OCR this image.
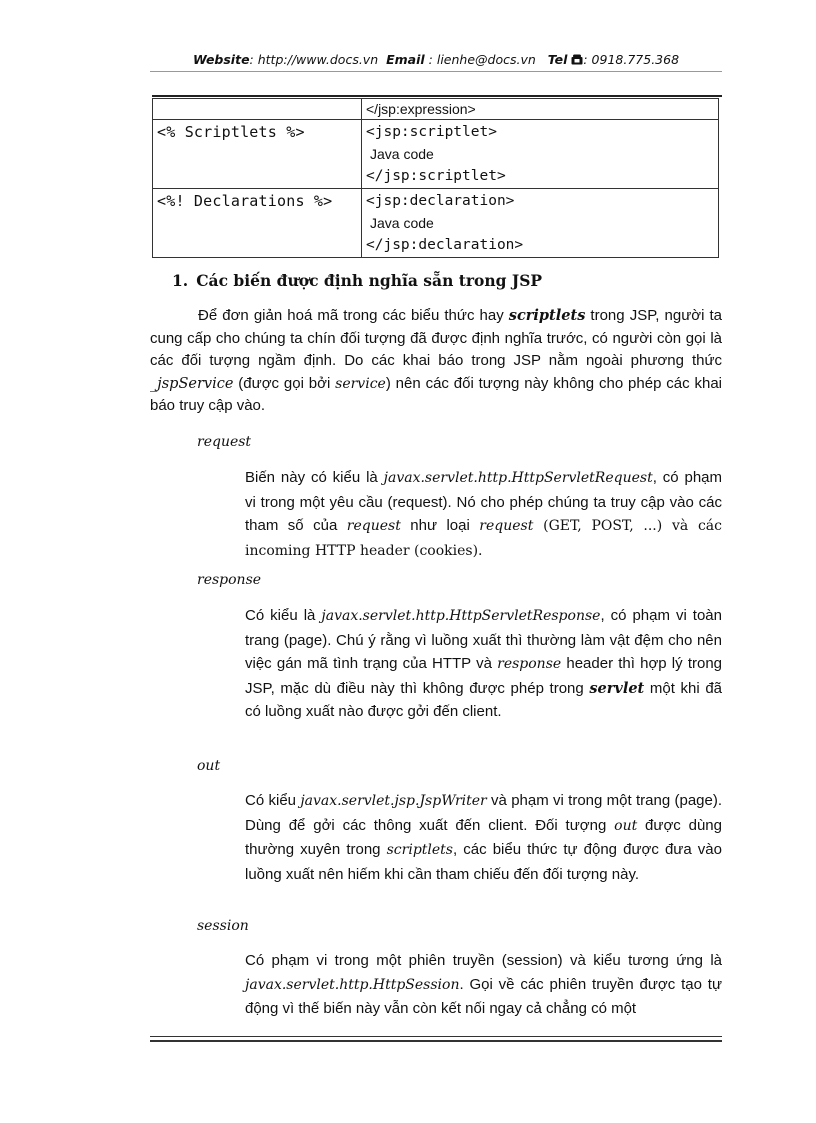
Website: http://www.docs.vn Email : lienhe@docs.vn Tel : 0918.775.368

	</jsp:expression>

<% Scriptlets %>	<jsp:scriptlet>
Java code
</jsp:scriptlet>

<%! Declarations %>	<jsp:declaration>
Java code
</jsp:declaration>
1. Các biến được định nghĩa sẵn trong JSP
Để đơn giản hoá mã trong các biểu thức hay scriptlets trong JSP, người ta cung cấp cho chúng ta chín đối tượng đã được định nghĩa trước, có người còn gọi là các đối tượng ngầm định. Do các khai báo trong JSP nằm ngoài phương thức _jspService (được gọi bởi service) nên các đối tượng này không cho phép các khai báo truy cập vào.
request
Biến này có kiểu là javax.servlet.http.HttpServletRequest, có phạm vi trong một yêu cầu (request). Nó cho phép chúng ta truy cập vào các tham số của request như loại request (GET, POST, ...) và các incoming HTTP header (cookies).
response
Có kiểu là javax.servlet.http.HttpServletResponse, có phạm vi toàn trang (page). Chú ý rằng vì luồng xuất thì thường làm vật đệm cho nên việc gán mã tình trạng của HTTP và response header thì hợp lý trong JSP, mặc dù điều này thì không được phép trong servlet một khi đã có luồng xuất nào được gởi đến client.
out
Có kiểu javax.servlet.jsp.JspWriter và phạm vi trong một trang (page). Dùng để gởi các thông xuất đến client. Đối tượng out được dùng thường xuyên trong scriptlets, các biểu thức tự động được đưa vào luồng xuất nên hiếm khi cần tham chiếu đến đối tượng này.
session
Có phạm vi trong một phiên truyền (session) và kiểu tương ứng là javax.servlet.http.HttpSession. Gọi về các phiên truyền được tạo tự động vì thế biến này vẫn còn kết nối ngay cả chẳng có một
